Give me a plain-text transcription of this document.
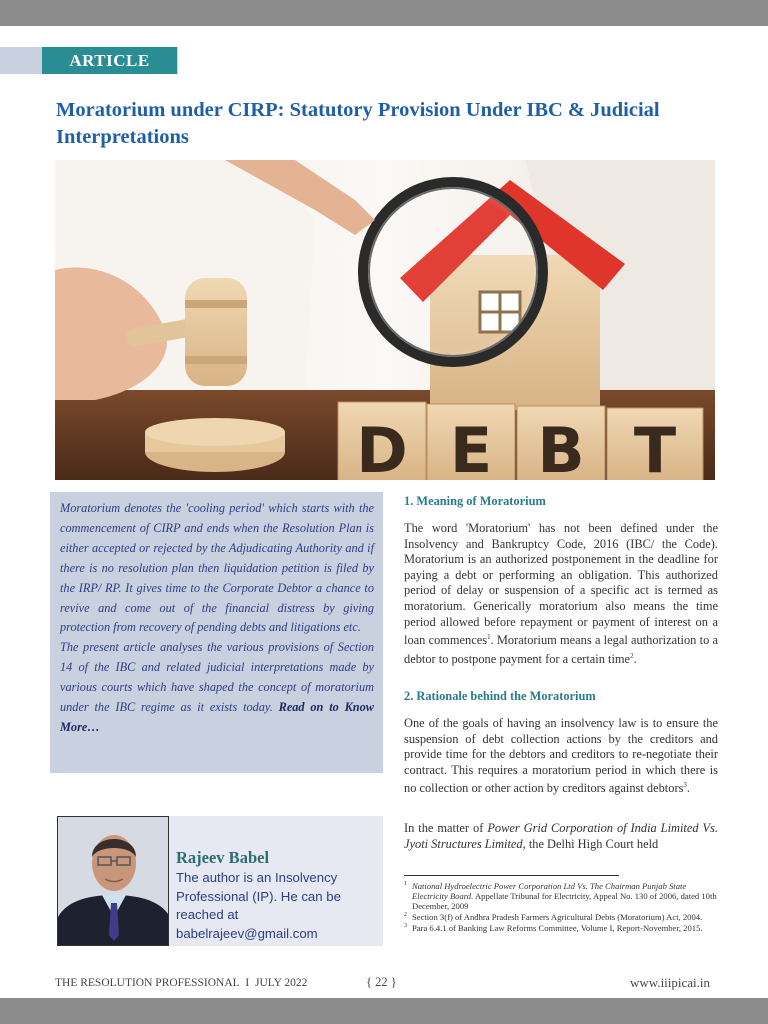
ARTICLE
Moratorium under CIRP: Statutory Provision Under IBC & Judicial Interpretations
D E B T

Moratorium denotes the 'cooling period' which starts with the commencement of CIRP and ends when the Resolution Plan is either accepted or rejected by the Adjudicating Authority and if there is no resolution plan then liquidation petition is filed by the IRP/ RP. It gives time to the Corporate Debtor a chance to revive and come out of the financial distress by giving protection from recovery of pending debts and litigations etc.

The present article analyses the various provisions of Section 14 of the IBC and related judicial interpretations made by various courts which have shaped the concept of moratorium under the IBC regime as it exists today. Read on to Know More…

Rajeev Babel
The author is an Insolvency Professional (IP). He can be reached at babelrajeev@gmail.com
1. Meaning of Moratorium

The word 'Moratorium' has not been defined under the Insolvency and Bankruptcy Code, 2016 (IBC/ the Code). Moratorium is an authorized postponement in the deadline for paying a debt or performing an obligation. This authorized period of delay or suspension of a specific act is termed as moratorium. Generically moratorium also means the time period allowed before repayment or payment of interest on a loan commences$^1$. Moratorium means a legal authorization to a debtor to postpone payment for a certain time$^2$.

2. Rationale behind the Moratorium

One of the goals of having an insolvency law is to ensure the suspension of debt collection actions by the creditors and provide time for the debtors and creditors to re-negotiate their contract. This requires a moratorium period in which there is no collection or other action by creditors against debtors$^3$.

In the matter of Power Grid Corporation of India Limited Vs. Jyoti Structures Limited, the Delhi High Court held

1 National Hydroelectric Power Corporation Ltd Vs. The Chairman Punjab State Electricity Board. Appellate Tribunal for Electricity, Appeal No. 130 of 2006, dated 10th December, 2009
2 Section 3(f) of Andhra Pradesh Farmers Agricultural Debts (Moratorium) Act, 2004.
3 Para 6.4.1 of Banking Law Reforms Committee, Volume I, Report-November, 2015.
THE RESOLUTION PROFESSIONAL I JULY 2022	{ 22 }	www.iiipicai.in
